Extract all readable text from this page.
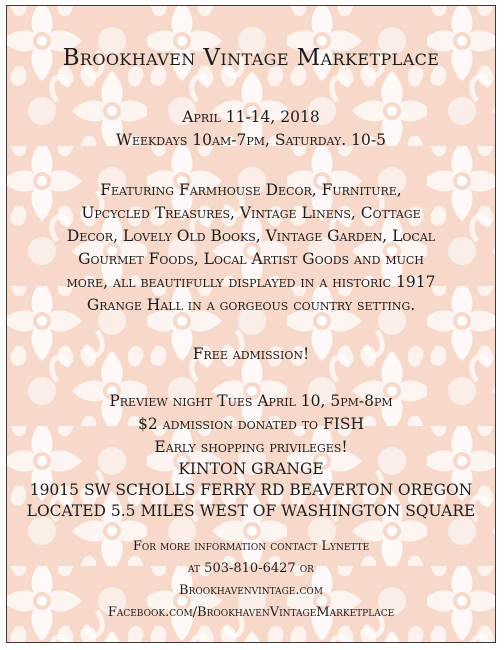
Brookhaven Vintage Marketplace
April 11-14, 2018
Weekdays 10am-7pm, Saturday. 10-5
Featuring Farmhouse Decor, Furniture,
Upcycled Treasures, Vintage Linens, Cottage
Decor, Lovely Old Books, Vintage Garden, Local
Gourmet Foods, Local Artist Goods and much
more, all beautifully displayed in a historic 1917
Grange Hall in a gorgeous country setting.
Free admission!
Preview night Tues April 10, 5pm-8pm
$2 admission donated to FISH
Early shopping privileges!
KINTON GRANGE
19015 SW SCHOLLS FERRY RD BEAVERTON OREGON
LOCATED 5.5 MILES WEST OF WASHINGTON SQUARE
For more information contact Lynette
at 503-810-6427 or
Brookhavenvintage.com
Facebook.com/BrookhavenVintageMarketplace
